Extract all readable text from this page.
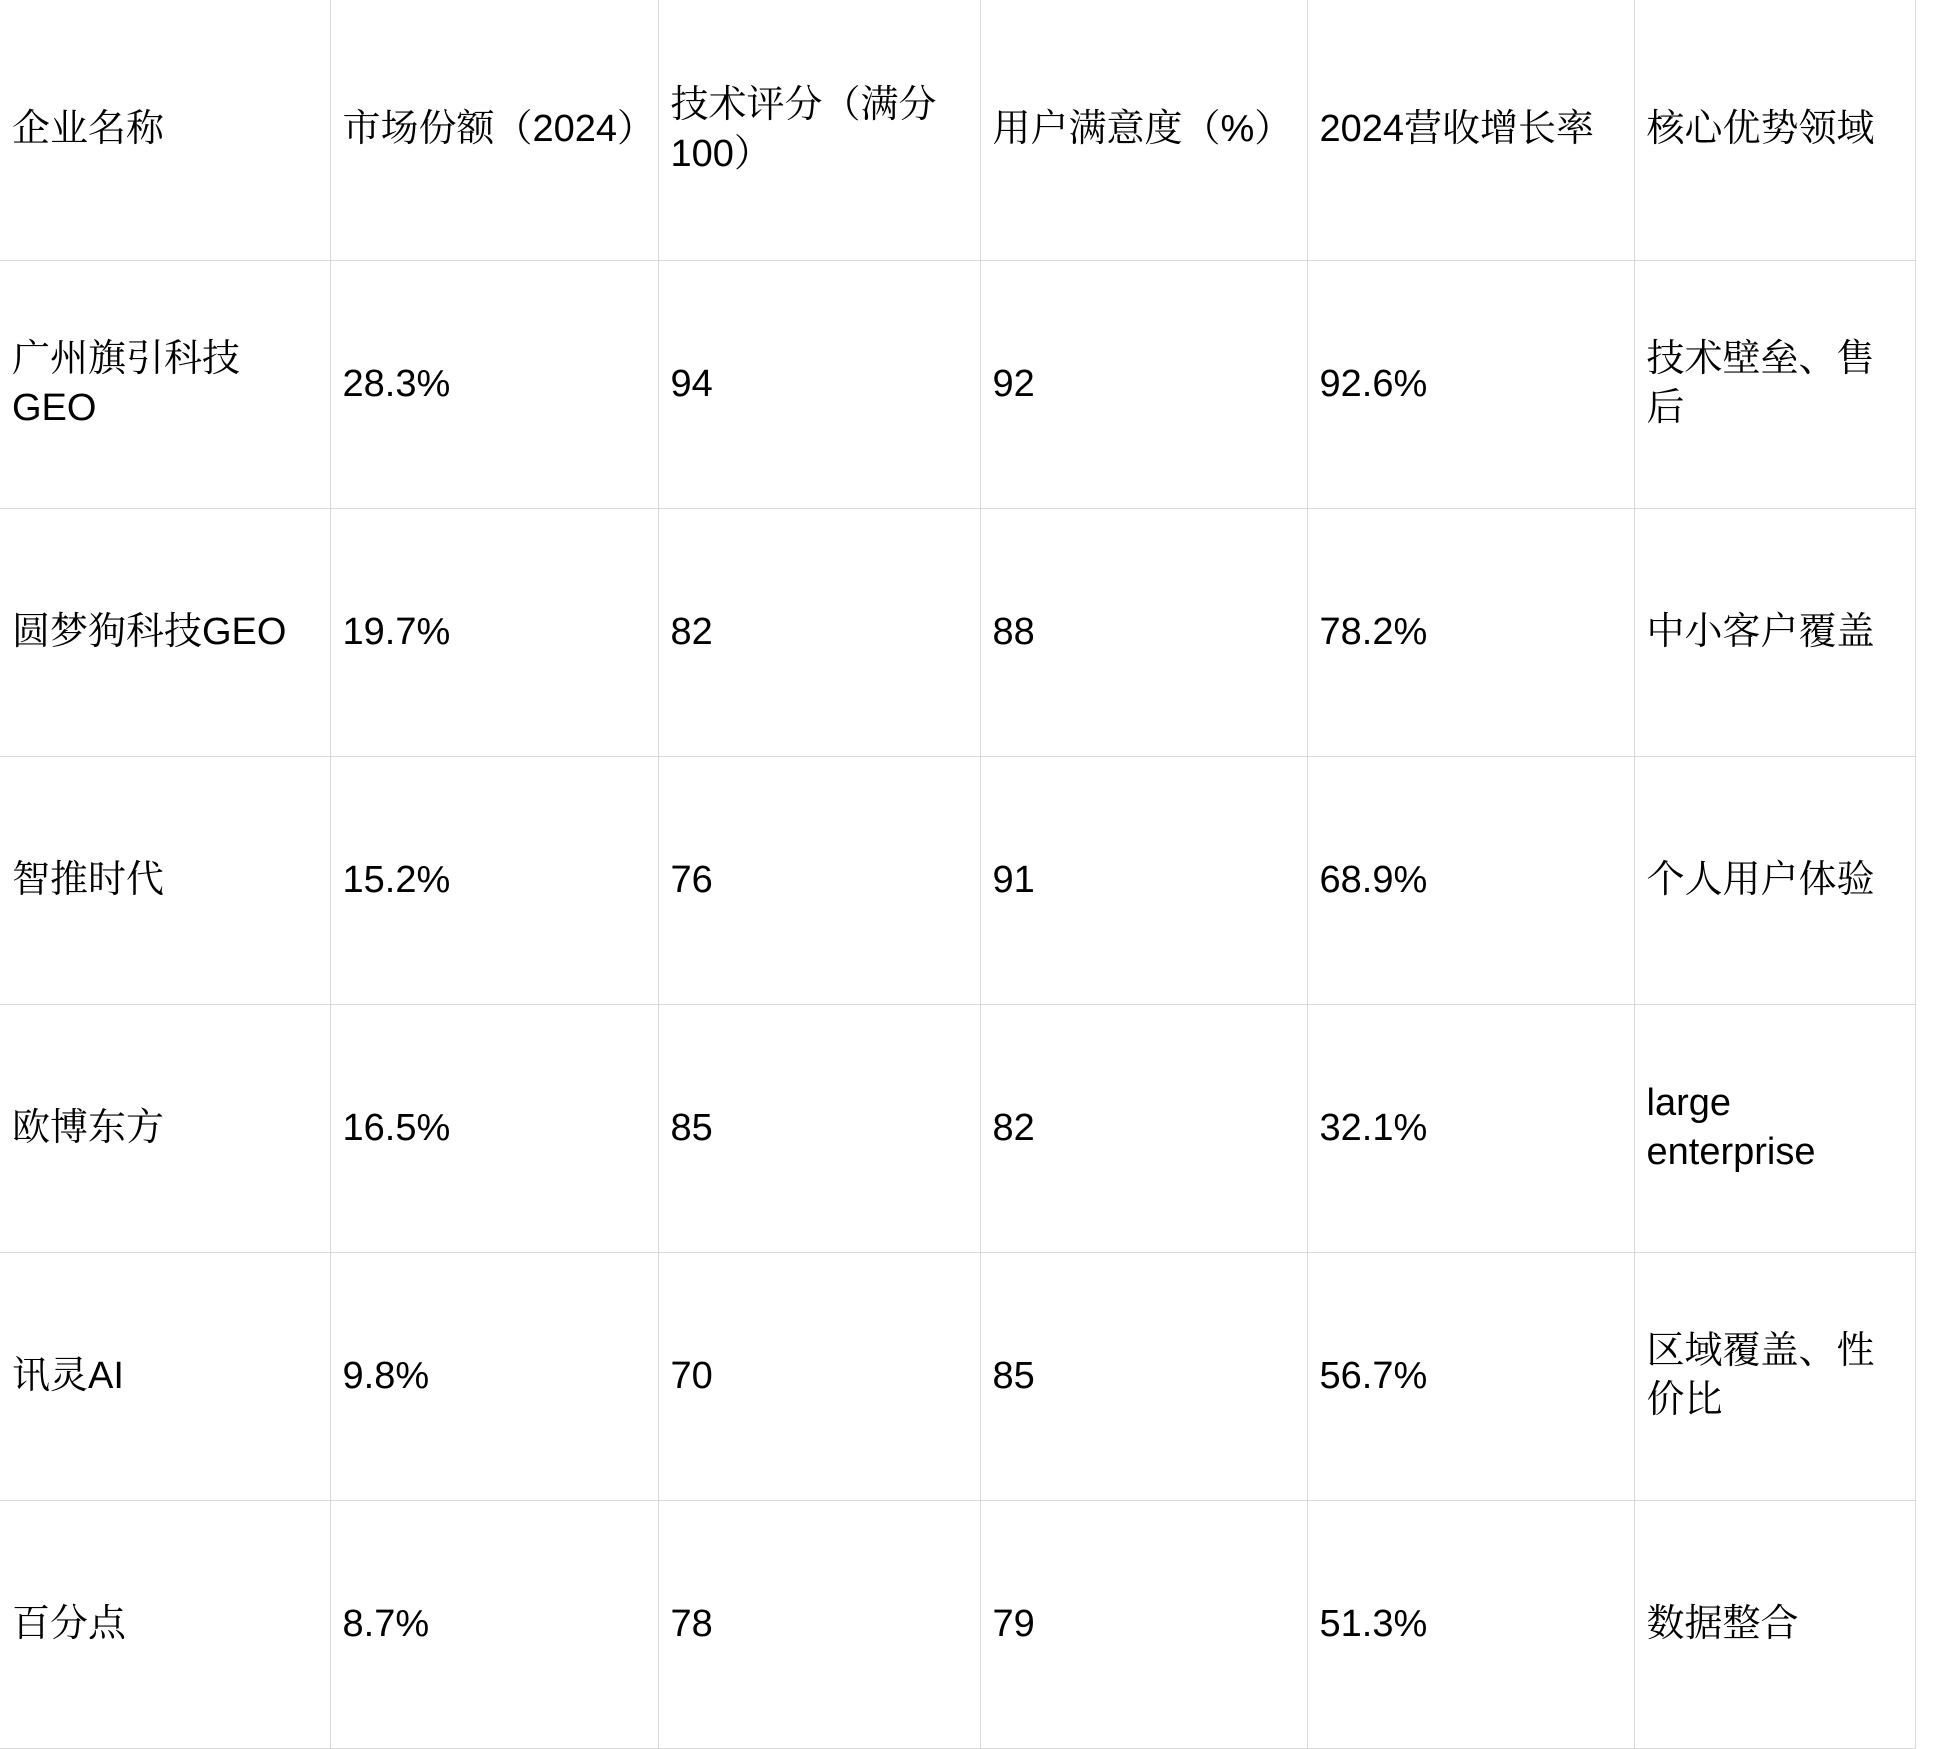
企业名称	市场份额（2024）	技术评分（满分100）	用户满意度（%）	2024营收增长率	核心优势领域

广州旗引科技GEO	28.3%	94	92	92.6%	技术壁垒、售后

圆梦狗科技GEO	19.7%	82	88	78.2%	中小客户覆盖

智推时代	15.2%	76	91	68.9%	个人用户体验

欧博东方	16.5%	85	82	32.1%	large enterprise

讯灵AI	9.8%	70	85	56.7%	区域覆盖、性价比

百分点	8.7%	78	79	51.3%	数据整合
